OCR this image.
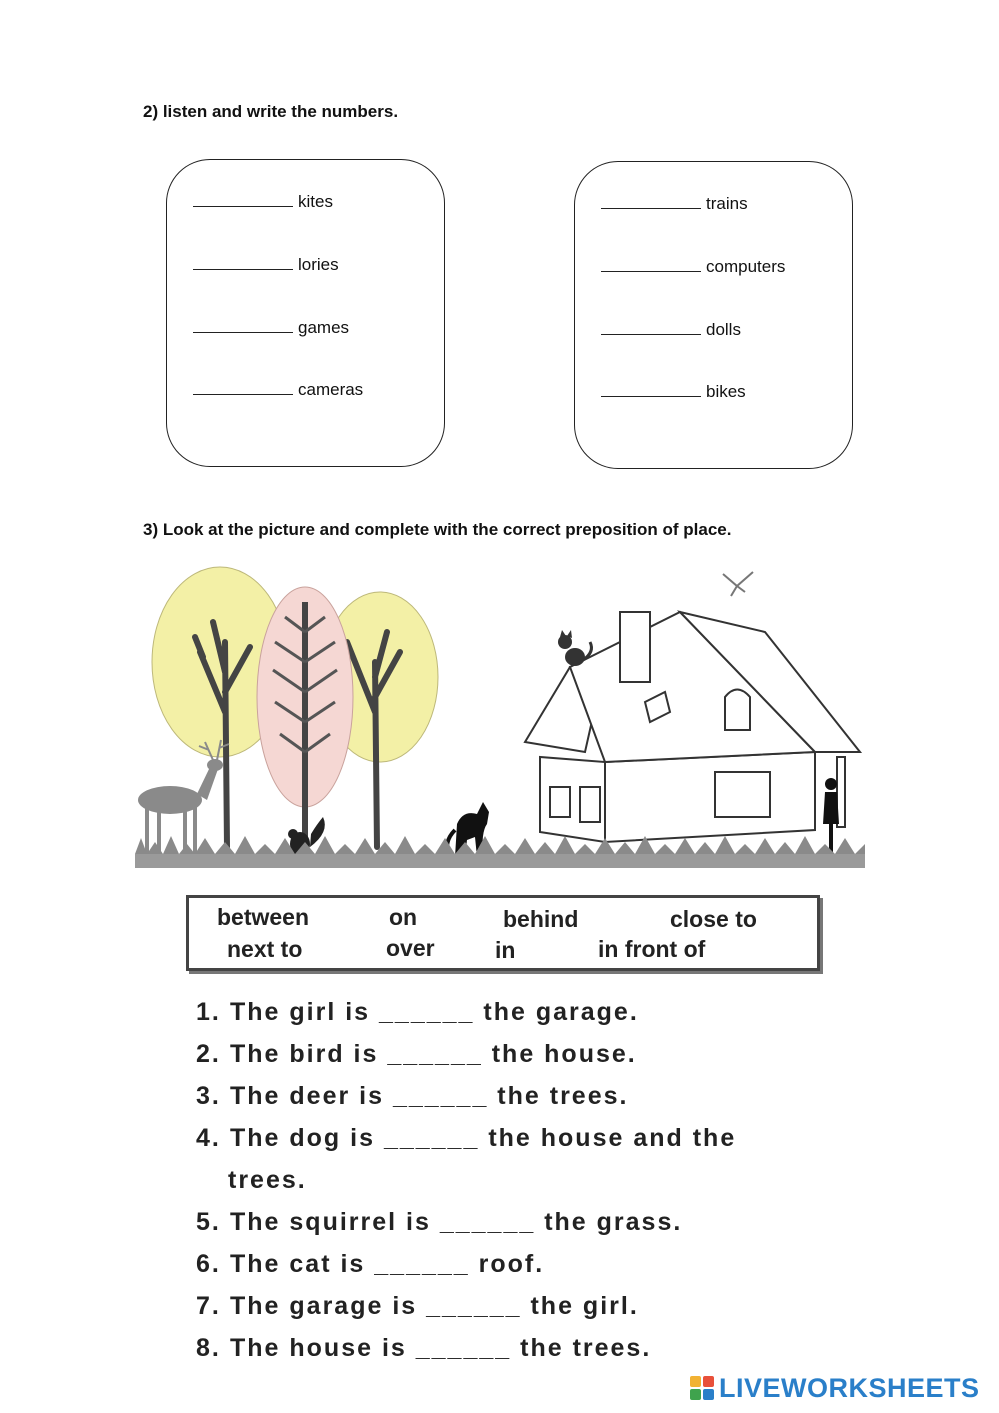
2) listen and write the numbers.
kites
lories
games
cameras
trains
computers
dolls
bikes
3) Look at the picture and complete with the correct preposition of place.
between	on	behind	close to
next to	over	in	in front of
1. The girl is ______ the garage.
2. The bird is ______ the house.
3. The deer is ______ the trees.
4. The dog is ______ the house and the
trees.
5. The squirrel is ______ the grass.
6. The cat is ______ roof.
7. The garage is ______ the girl.
8. The house is ______ the trees.
LIVEWORKSHEETS
